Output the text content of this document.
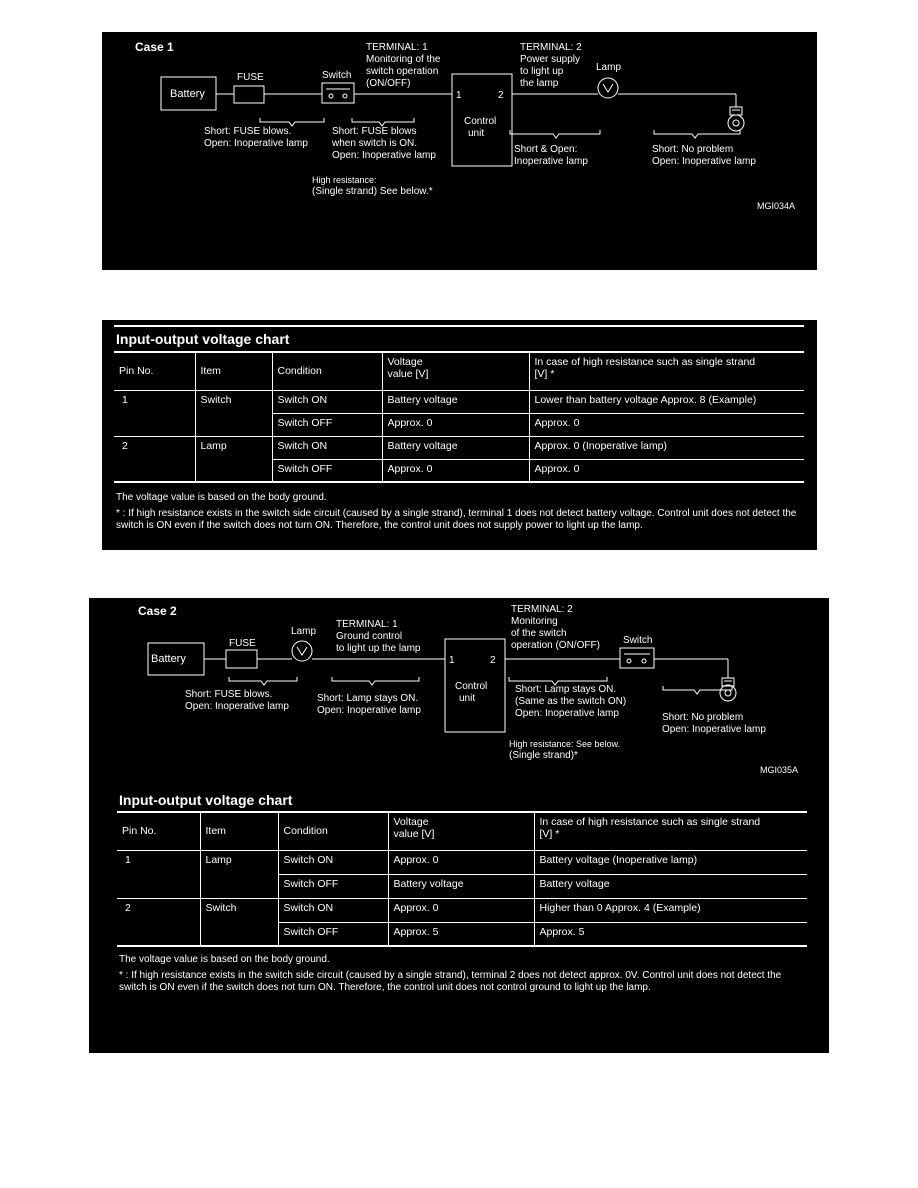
Case 1
Battery
FUSE	Switch
Lamp
TERMINAL: 1
Monitoring of the
switch operation
(ON/OFF)
TERMINAL: 2
Power supply
to light up
the lamp
1	2
Control
unit
Short: FUSE blows.
Open: Inoperative lamp
Short: FUSE blows
when switch is ON.
Open: Inoperative lamp
Short & Open:
Inoperative lamp
Short: No problem
Open: Inoperative lamp
High resistance:
(Single strand) See below.*
MGI034A
Input-output voltage chart
Pin No.	Item	Condition	Voltage
value [V]	In case of high resistance such as single strand
[V] *
1	Switch	Switch ON	Battery voltage	Lower than battery voltage Approx. 8 (Example)
		Switch OFF	Approx. 0	Approx. 0
2	Lamp	Switch ON	Battery voltage	Approx. 0 (Inoperative lamp)
		Switch OFF	Approx. 0	Approx. 0
The voltage value is based on the body ground.
* : If high resistance exists in the switch side circuit (caused by a single strand), terminal 1 does not detect battery voltage. Control unit does not detect the switch is ON even if the switch does not turn ON. Therefore, the control unit does not supply power to light up the lamp.
Case 2
Battery
FUSE
Lamp
Switch
TERMINAL: 1
Ground control
to light up the lamp
TERMINAL: 2
Monitoring
of the switch
operation (ON/OFF)
1	2
Control
unit
Short: FUSE blows.
Open: Inoperative lamp
Short: Lamp stays ON.
Open: Inoperative lamp
Short: Lamp stays ON.
(Same as the switch ON)
Open: Inoperative lamp	Short: No problem
Open: Inoperative lamp
High resistance: See below.
(Single strand)*
MGI035A
Input-output voltage chart
Pin No.	Item	Condition	Voltage
value [V]	In case of high resistance such as single strand
[V] *
1	Lamp	Switch ON	Approx. 0	Battery voltage (Inoperative lamp)
		Switch OFF	Battery voltage	Battery voltage
2	Switch	Switch ON	Approx. 0	Higher than 0 Approx. 4 (Example)
		Switch OFF	Approx. 5	Approx. 5
The voltage value is based on the body ground.
* : If high resistance exists in the switch side circuit (caused by a single strand), terminal 2 does not detect approx. 0V. Control unit does not detect the switch is ON even if the switch does not turn ON. Therefore, the control unit does not control ground to light up the lamp.
